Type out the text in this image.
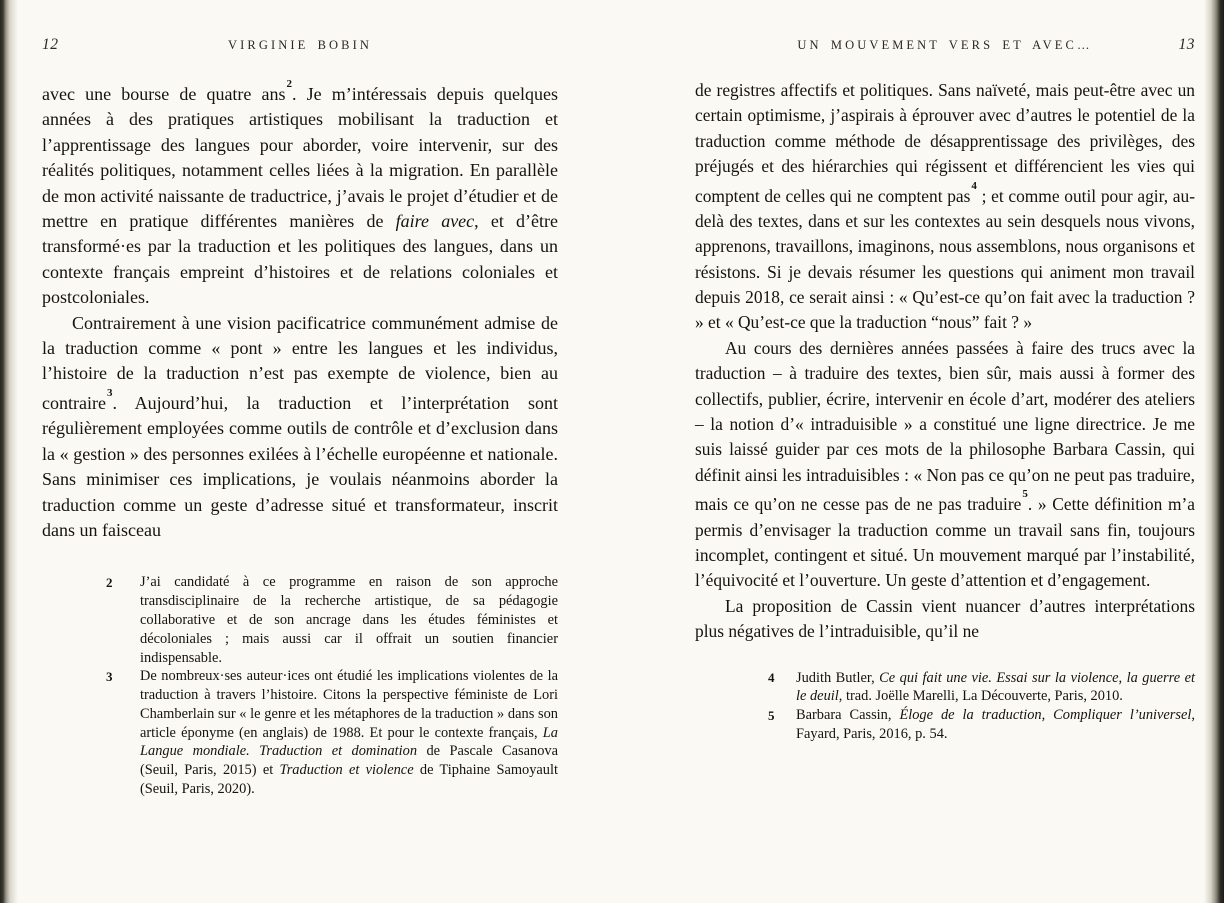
12	VIRGINIE BOBIN

avec une bourse de quatre ans$^2$. Je m’intéressais depuis quelques années à des pratiques artistiques mobilisant la traduction et l’apprentissage des langues pour aborder, voire intervenir, sur des réalités politiques, notamment celles liées à la migration. En parallèle de mon activité naissante de traductrice, j’avais le projet d’étudier et de mettre en pratique différentes manières de faire avec, et d’être transformé·es par la traduction et les politiques des langues, dans un contexte français empreint d’histoires et de relations coloniales et postcoloniales.

Contrairement à une vision pacificatrice communément admise de la traduction comme « pont » entre les langues et les individus, l’histoire de la traduction n’est pas exempte de violence, bien au contraire$^3$. Aujourd’hui, la traduction et l’interprétation sont régulièrement employées comme outils de contrôle et d’exclusion dans la « gestion » des personnes exilées à l’échelle européenne et nationale. Sans minimiser ces implications, je voulais néanmoins aborder la traduction comme un geste d’adresse situé et transformateur, inscrit dans un faisceau

2	J’ai candidaté à ce programme en raison de son approche transdisciplinaire de la recherche artistique, de sa pédagogie collaborative et de son ancrage dans les études féministes et décoloniales ; mais aussi car il offrait un soutien financier indispensable.
3	De nombreux·ses auteur·ices ont étudié les implications violentes de la traduction à travers l’histoire. Citons la perspective féministe de Lori Chamberlain sur « le genre et les métaphores de la traduction » dans son article éponyme (en anglais) de 1988. Et pour le contexte français, La Langue mondiale. Traduction et domination de Pascale Casanova (Seuil, Paris, 2015) et Traduction et violence de Tiphaine Samoyault (Seuil, Paris, 2020).
UN MOUVEMENT VERS ET AVEC…	13

de registres affectifs et politiques. Sans naïveté, mais peut-être avec un certain optimisme, j’aspirais à éprouver avec d’autres le potentiel de la traduction comme méthode de désapprentissage des privilèges, des préjugés et des hiérarchies qui régissent et différencient les vies qui comptent de celles qui ne comptent pas$^4$ ; et comme outil pour agir, au-delà des textes, dans et sur les contextes au sein desquels nous vivons, apprenons, travaillons, imaginons, nous assemblons, nous organisons et résistons. Si je devais résumer les questions qui animent mon travail depuis 2018, ce serait ainsi : « Qu’est-ce qu’on fait avec la traduction ? » et « Qu’est-ce que la traduction “nous” fait ? »

Au cours des dernières années passées à faire des trucs avec la traduction – à traduire des textes, bien sûr, mais aussi à former des collectifs, publier, écrire, intervenir en école d’art, modérer des ateliers – la notion d’« intraduisible » a constitué une ligne directrice. Je me suis laissé guider par ces mots de la philosophe Barbara Cassin, qui définit ainsi les intraduisibles : « Non pas ce qu’on ne peut pas traduire, mais ce qu’on ne cesse pas de ne pas traduire$^5$. » Cette définition m’a permis d’envisager la traduction comme un travail sans fin, toujours incomplet, contingent et situé. Un mouvement marqué par l’instabilité, l’équivocité et l’ouverture. Un geste d’attention et d’engagement.

La proposition de Cassin vient nuancer d’autres interprétations plus négatives de l’intraduisible, qu’il ne

4	Judith Butler, Ce qui fait une vie. Essai sur la violence, la guerre et le deuil, trad. Joëlle Marelli, La Découverte, Paris, 2010.
5	Barbara Cassin, Éloge de la traduction, Compliquer l’universel, Fayard, Paris, 2016, p. 54.
